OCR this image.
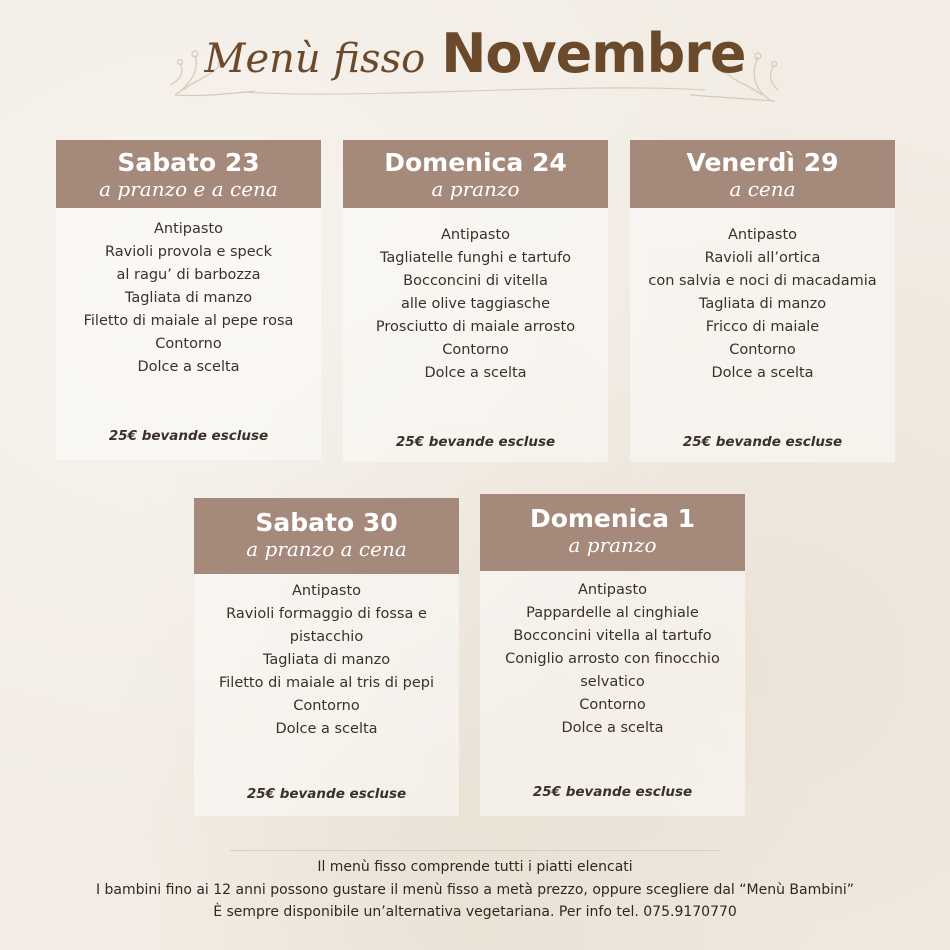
Menù fisso Novembre
Sabato 23
a pranzo e a cena
Antipasto
Ravioli provola e speck
al ragu’ di barbozza
Tagliata di manzo
Filetto di maiale al pepe rosa
Contorno
Dolce a scelta
25€ bevande escluse
Domenica 24
a pranzo
Antipasto
Tagliatelle funghi e tartufo
Bocconcini di vitella
alle olive taggiasche
Prosciutto di maiale arrosto
Contorno
Dolce a scelta
25€ bevande escluse
Venerdì 29
a cena
Antipasto
Ravioli all’ortica
con salvia e noci di macadamia
Tagliata di manzo
Fricco di maiale
Contorno
Dolce a scelta
25€ bevande escluse
Sabato 30
a pranzo a cena
Antipasto
Ravioli formaggio di fossa e
pistacchio
Tagliata di manzo
Filetto di maiale al tris di pepi
Contorno
Dolce a scelta
25€ bevande escluse
Domenica 1
a pranzo
Antipasto
Pappardelle al cinghiale
Bocconcini vitella al tartufo
Coniglio arrosto con finocchio
selvatico
Contorno
Dolce a scelta
25€ bevande escluse
Il menù fisso comprende tutti i piatti elencati
I bambini fino ai 12 anni possono gustare il menù fisso a metà prezzo, oppure scegliere dal “Menù Bambini”
È sempre disponibile un’alternativa vegetariana. Per info tel. 075.9170770
